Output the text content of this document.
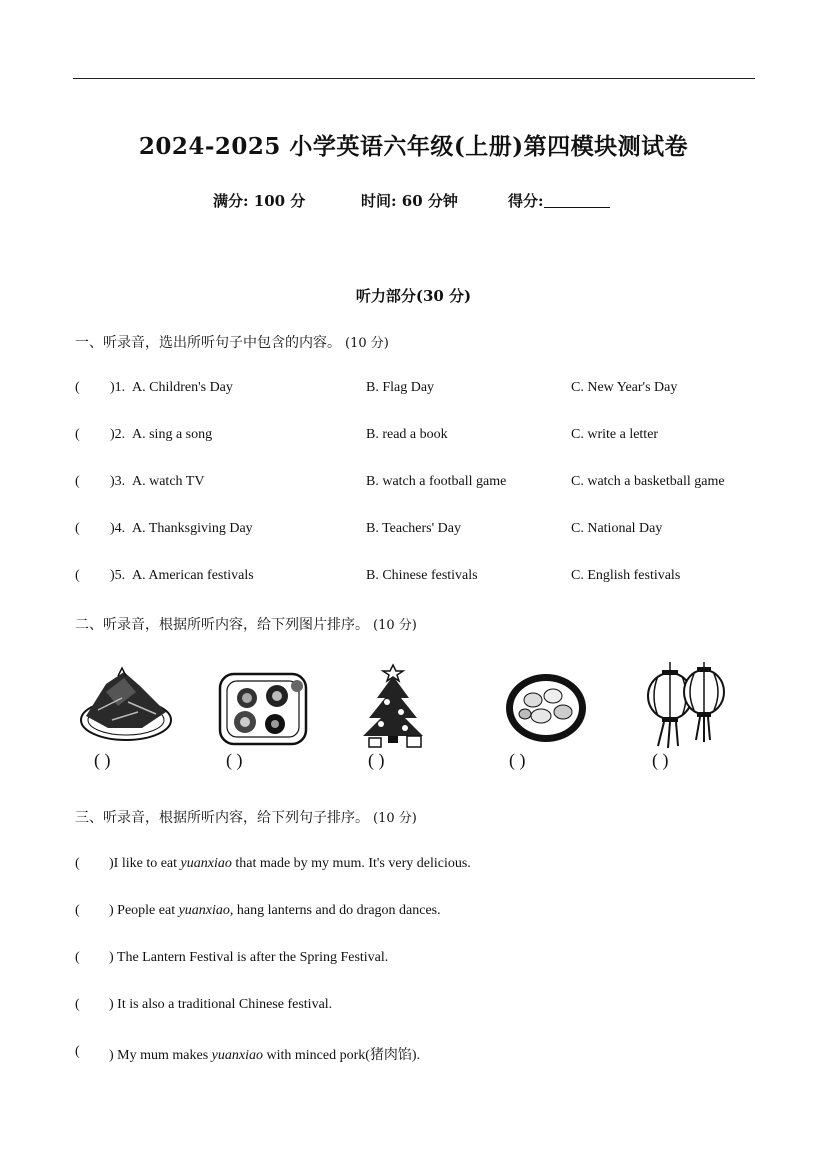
2024-2025 小学英语六年级(上册)第四模块测试卷
满分: 100 分	时间: 60 分钟	得分:
听力部分(30 分)
一、听录音，选出所听句子中包含的内容。 (10 分)
( )1. A. Children's Day	B. Flag Day	C. New Year's Day
( )2. A. sing a song	B. read a book	C. write a letter
( )3. A. watch TV	B. watch a football game	C. watch a basketball game
( )4. A. Thanksgiving Day	B. Teachers' Day	C. National Day
( )5. A. American festivals	B. Chinese festivals	C. English festivals
二、听录音，根据所听内容，给下列图片排序。 (10 分)
( )	( )	( )	( )	( )
三、听录音，根据所听内容，给下列句子排序。 (10 分)
( )I like to eat yuanxiao that made by my mum. It's very delicious.
( ) People eat yuanxiao, hang lanterns and do dragon dances.
( ) The Lantern Festival is after the Spring Festival.
( ) It is also a traditional Chinese festival.
( ) My mum makes yuanxiao with minced pork(猪肉馅).
